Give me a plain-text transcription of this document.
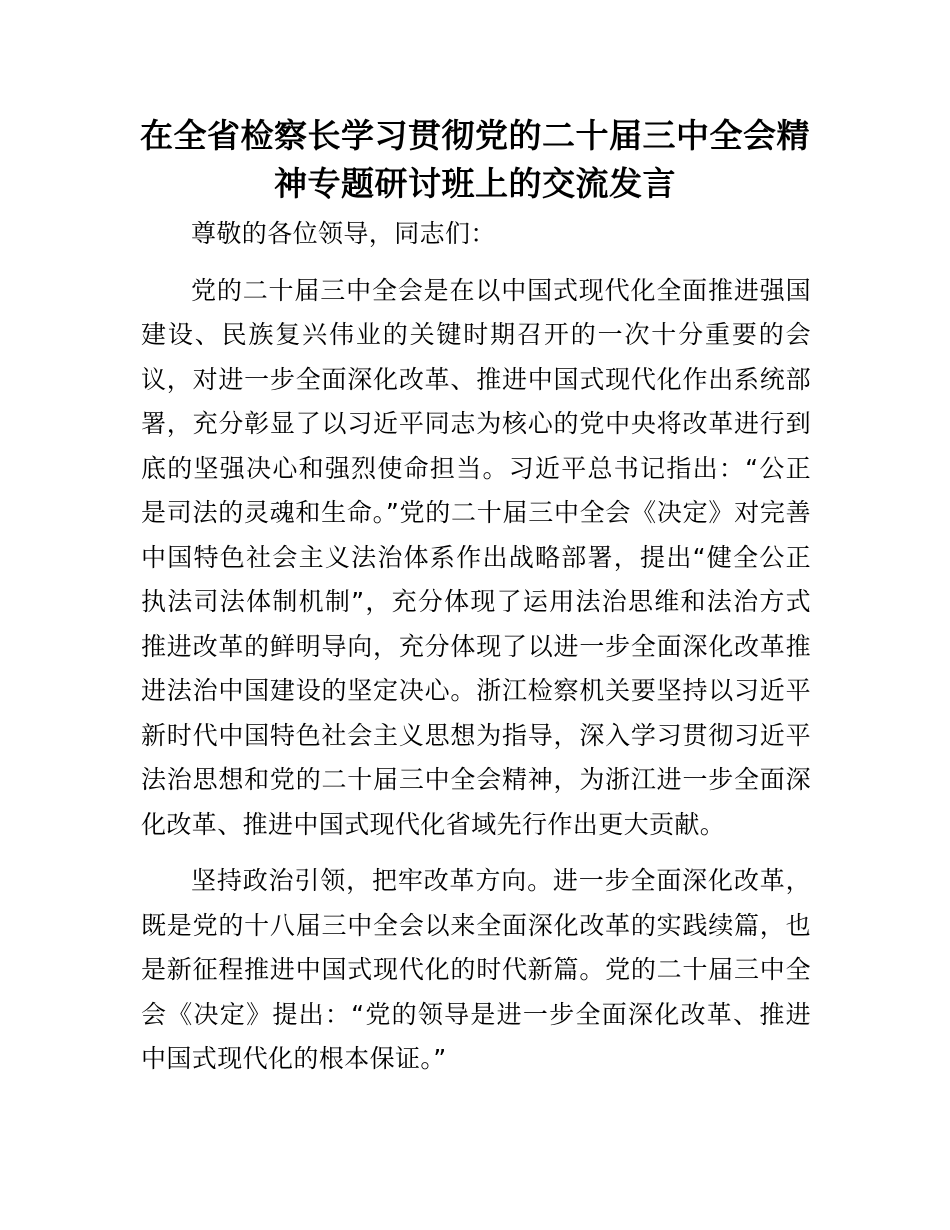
在全省检察长学习贯彻党的二十届三中全会精
神专题研讨班上的交流发言

尊敬的各位领导，同志们：

党的二十届三中全会是在以中国式现代化全面推进强国建设、民族复兴伟业的关键时期召开的一次十分重要的会议，对进一步全面深化改革、推进中国式现代化作出系统部署，充分彰显了以习近平同志为核心的党中央将改革进行到底的坚强决心和强烈使命担当。习近平总书记指出：“公正是司法的灵魂和生命。”党的二十届三中全会《决定》对完善中国特色社会主义法治体系作出战略部署，提出“健全公正执法司法体制机制”，充分体现了运用法治思维和法治方式推进改革的鲜明导向，充分体现了以进一步全面深化改革推进法治中国建设的坚定决心。浙江检察机关要坚持以习近平新时代中国特色社会主义思想为指导，深入学习贯彻习近平法治思想和党的二十届三中全会精神，为浙江进一步全面深化改革、推进中国式现代化省域先行作出更大贡献。

坚持政治引领，把牢改革方向。进一步全面深化改革，既是党的十八届三中全会以来全面深化改革的实践续篇，也是新征程推进中国式现代化的时代新篇。党的二十届三中全会《决定》提出：“党的领导是进一步全面深化改革、推进中国式现代化的根本保证。”
